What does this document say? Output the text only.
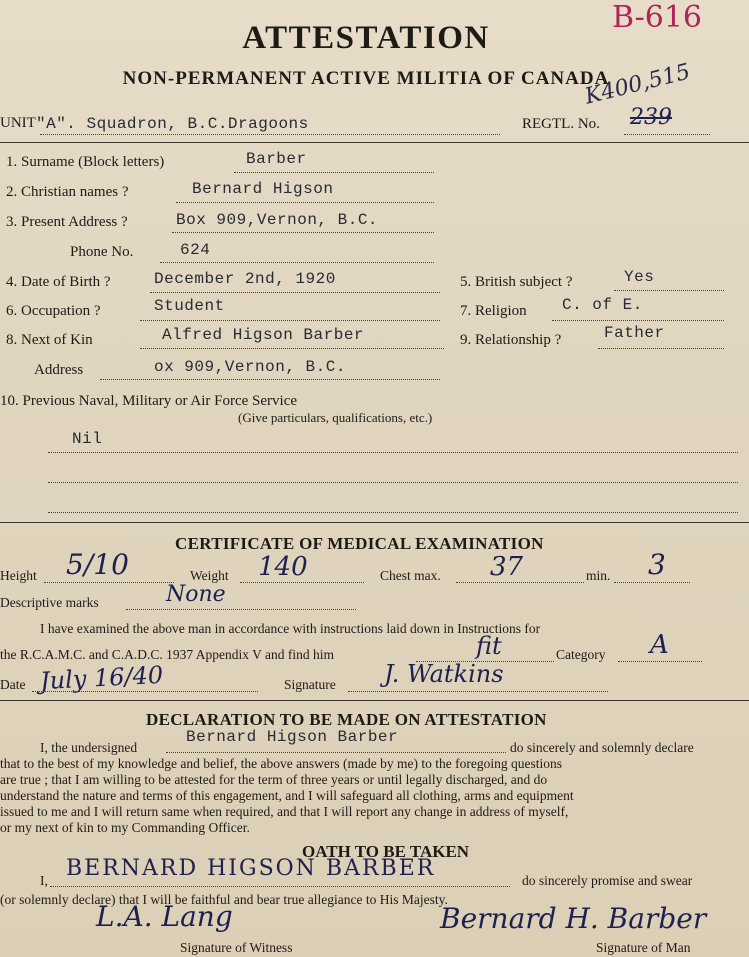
ATTESTATION
NON-PERMANENT ACTIVE MILITIA OF CANADA
B-616
K400,515
UNIT "A". Squadron, B.C.Dragoons	REGTL. No. 239
1. Surname (Block letters)	Barber
2. Christian names ?	Bernard Higson
3. Present Address ?	Box 909,Vernon, B.C.
Phone No.	624
4. Date of Birth ?	December 2nd, 1920	5. British subject ?	Yes
6. Occupation ?	Student	7. Religion C. of E.
8. Next of Kin	Alfred Higson Barber	9. Relationship ?	Father
Address	ox 909,Vernon, B.C.
10. Previous Naval, Military or Air Force Service
(Give particulars, qualifications, etc.)
Nil
CERTIFICATE OF MEDICAL EXAMINATION
Height 5/10	Weight 140	Chest max. 37	min. 3
Descriptive marks	None
I have examined the above man in accordance with instructions laid down in Instructions for
the R.C.A.M.C. and C.A.D.C. 1937 Appendix V and find him	fit	Category A
Date July 16/40	Signature J. Watkins
DECLARATION TO BE MADE ON ATTESTATION
I, the undersigned
Bernard Higson Barber
do sincerely and solemnly declare
that to the best of my knowledge and belief, the above answers (made by me) to the foregoing questions
are true ; that I am willing to be attested for the term of three years or until legally discharged, and do
understand the nature and terms of this engagement, and I will safeguard all clothing, arms and equipment
issued to me and I will return same when required, and that I will report any change in address of myself,
or my next of kin to my Commanding Officer.
OATH TO BE TAKEN
I, BERNARD HIGSON BARBER	do sincerely promise and swear
(or solemnly declare) that I will be faithful and bear true allegiance to His Majesty.
L.A. Lang
Signature of Witness
Bernard H. Barber
Signature of Man
